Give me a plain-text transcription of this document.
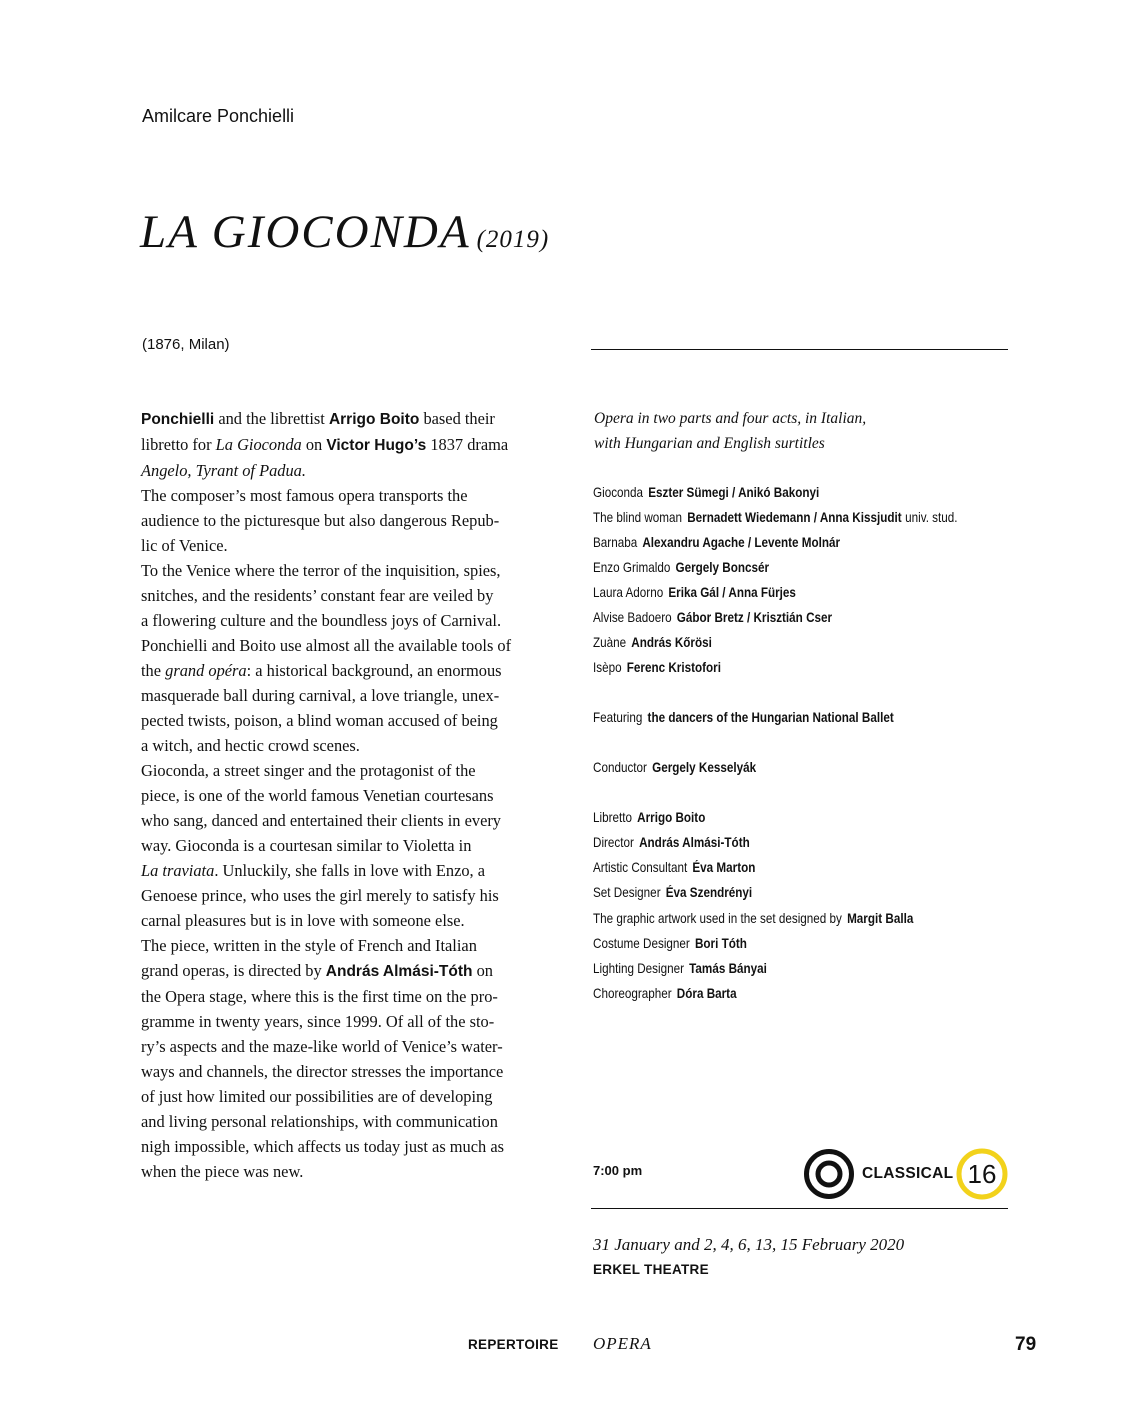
Amilcare Ponchielli
LA GIOCONDA (2019)
(1876, Milan)
Ponchielli and the librettist Arrigo Boito based their
libretto for La Gioconda on Victor Hugo’s 1837 drama
Angelo, Tyrant of Padua.
The composer’s most famous opera transports the
audience to the picturesque but also dangerous Repub-
lic of Venice.
To the Venice where the terror of the inquisition, spies,
snitches, and the residents’ constant fear are veiled by
a flowering culture and the boundless joys of Carnival.
Ponchielli and Boito use almost all the available tools of
the grand opéra: a historical background, an enormous
masquerade ball during carnival, a love triangle, unex-
pected twists, poison, a blind woman accused of being
a witch, and hectic crowd scenes.
Gioconda, a street singer and the protagonist of the
piece, is one of the world famous Venetian courtesans
who sang, danced and entertained their clients in every
way. Gioconda is a courtesan similar to Violetta in
La traviata. Unluckily, she falls in love with Enzo, a
Genoese prince, who uses the girl merely to satisfy his
carnal pleasures but is in love with someone else.
The piece, written in the style of French and Italian
grand operas, is directed by András Almási-Tóth on
the Opera stage, where this is the first time on the pro-
gramme in twenty years, since 1999. Of all of the sto-
ry’s aspects and the maze-like world of Venice’s water-
ways and channels, the director stresses the importance
of just how limited our possibilities are of developing
and living personal relationships, with communication
nigh impossible, which affects us today just as much as
when the piece was new.
Opera in two parts and four acts, in Italian,
with Hungarian and English surtitles
Gioconda Eszter Sümegi / Anikó Bakonyi
The blind woman Bernadett Wiedemann / Anna Kissjudit univ. stud.
Barnaba Alexandru Agache / Levente Molnár
Enzo Grimaldo Gergely Boncsér
Laura Adorno Erika Gál / Anna Fürjes
Alvise Badoero Gábor Bretz / Krisztián Cser
Zuàne András Kőrösi
Isèpo Ferenc Kristofori
Featuring the dancers of the Hungarian National Ballet
Conductor Gergely Kesselyák
Libretto Arrigo Boito
Director András Almási-Tóth
Artistic Consultant Éva Marton
Set Designer Éva Szendrényi
The graphic artwork used in the set designed by Margit Balla
Costume Designer Bori Tóth
Lighting Designer Tamás Bányai
Choreographer Dóra Barta
7:00 pm	CLASSICAL 16
31 January and 2, 4, 6, 13, 15 February 2020
ERKEL THEATRE
REPERTOIRE OPERA	79
